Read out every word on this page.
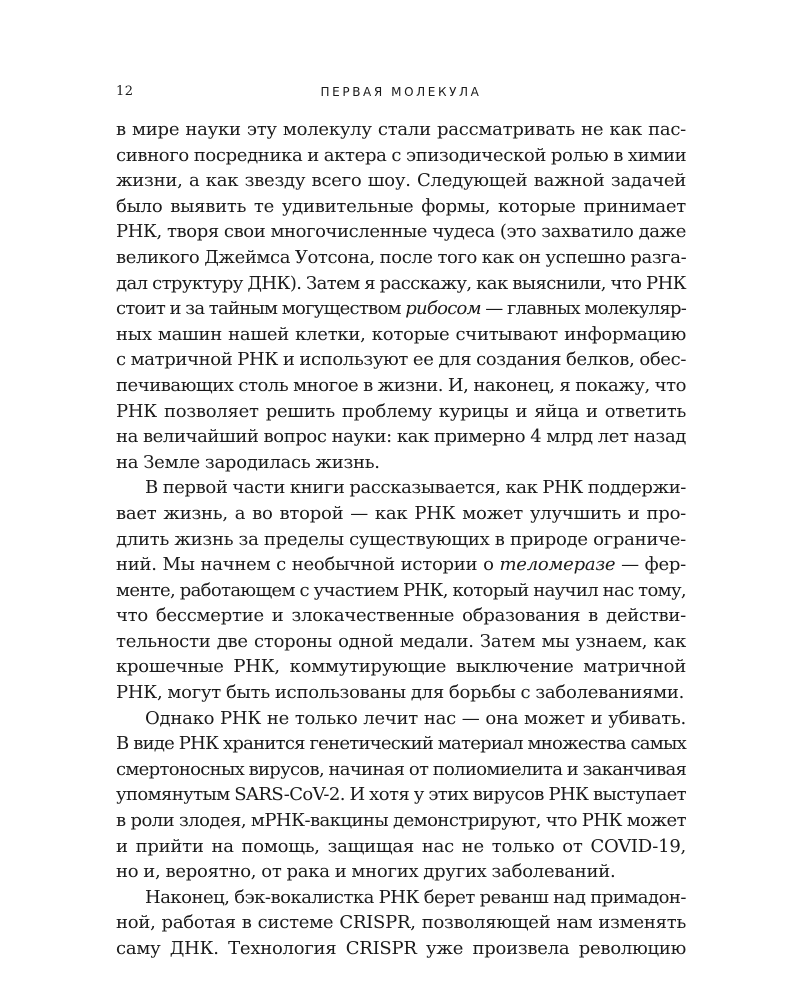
12	ПЕРВАЯ МОЛЕКУЛА
в мире науки эту молекулу стали рассматривать не как пас-
сивного посредника и актера с эпизодической ролью в химии
жизни, а как звезду всего шоу. Следующей важной задачей
было выявить те удивительные формы, которые принимает
РНК, творя свои многочисленные чудеса (это захватило даже
великого Джеймса Уотсона, после того как он успешно разга-
дал структуру ДНК). Затем я расскажу, как выяснили, что РНК
стоит и за тайным могуществом рибосом — главных молекуляр-
ных машин нашей клетки, которые считывают информацию
с матричной РНК и используют ее для создания белков, обес-
печивающих столь многое в жизни. И, наконец, я покажу, что
РНК позволяет решить проблему курицы и яйца и ответить
на величайший вопрос науки: как примерно 4 млрд лет назад
на Земле зародилась жизнь.
В первой части книги рассказывается, как РНК поддержи-
вает жизнь, а во второй — как РНК может улучшить и про-
длить жизнь за пределы существующих в природе ограниче-
ний. Мы начнем с необычной истории о теломеразе — фер-
менте, работающем с участием РНК, который научил нас тому,
что бессмертие и злокачественные образования в действи-
тельности две стороны одной медали. Затем мы узнаем, как
крошечные РНК, коммутирующие выключение матричной
РНК, могут быть использованы для борьбы с заболеваниями.
Однако РНК не только лечит нас — она может и убивать.
В виде РНК хранится генетический материал множества самых
смертоносных вирусов, начиная от полиомиелита и заканчивая
упомянутым SARS-CoV-2. И хотя у этих вирусов РНК выступает
в роли злодея, мРНК-вакцины демонстрируют, что РНК может
и прийти на помощь, защищая нас не только от COVID-19,
но и, вероятно, от рака и многих других заболеваний.
Наконец, бэк-вокалистка РНК берет реванш над примадон-
ной, работая в системе CRISPR, позволяющей нам изменять
саму ДНК. Технология CRISPR уже произвела революцию
